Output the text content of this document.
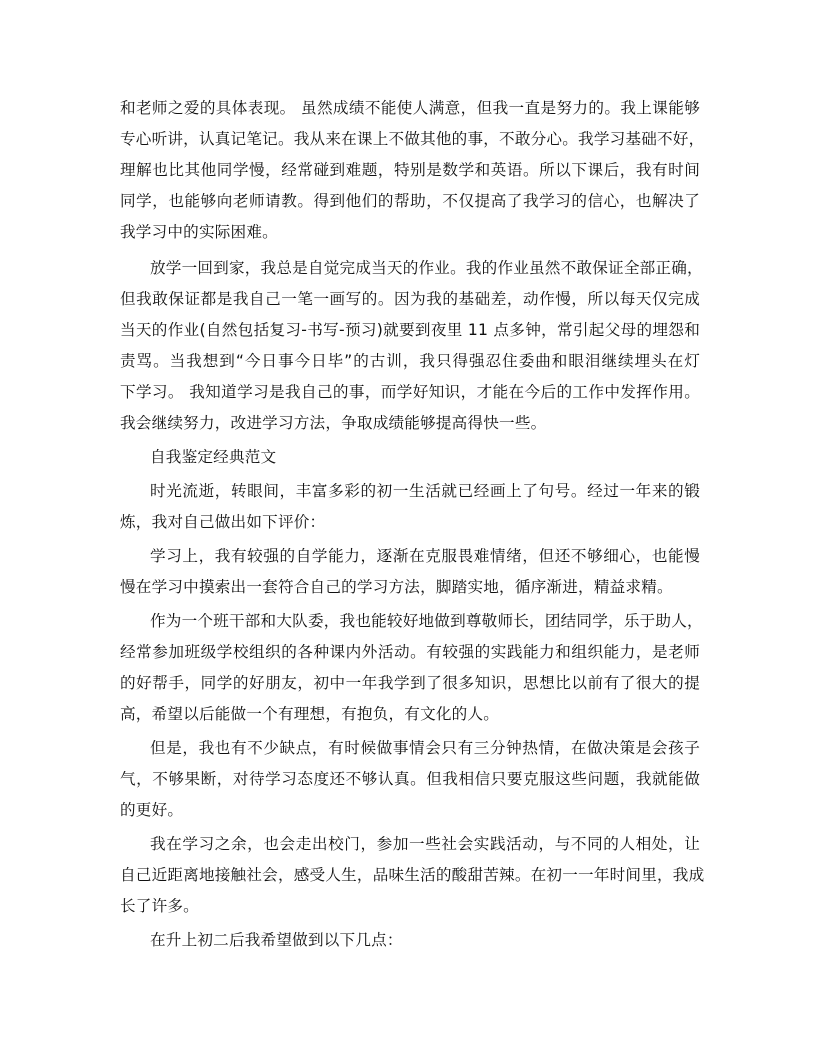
和老师之爱的具体表现。 虽然成绩不能使人满意，但我一直是努力的。我上课能够
专心听讲，认真记笔记。我从来在课上不做其他的事，不敢分心。我学习基础不好，
理解也比其他同学慢，经常碰到难题，特别是数学和英语。所以下课后，我有时间
同学，也能够向老师请教。得到他们的帮助，不仅提高了我学习的信心，也解决了
我学习中的实际困难。
放学一回到家，我总是自觉完成当天的作业。我的作业虽然不敢保证全部正确，
但我敢保证都是我自己一笔一画写的。因为我的基础差，动作慢，所以每天仅完成
当天的作业(自然包括复习-书写-预习)就要到夜里 11 点多钟，常引起父母的埋怨和
责骂。当我想到“今日事今日毕”的古训，我只得强忍住委曲和眼泪继续埋头在灯
下学习。 我知道学习是我自己的事，而学好知识，才能在今后的工作中发挥作用。
我会继续努力，改进学习方法，争取成绩能够提高得快一些。
自我鉴定经典范文
时光流逝，转眼间，丰富多彩的初一生活就已经画上了句号。经过一年来的锻
炼，我对自己做出如下评价：
学习上，我有较强的自学能力，逐渐在克服畏难情绪，但还不够细心，也能慢
慢在学习中摸索出一套符合自己的学习方法，脚踏实地，循序渐进，精益求精。
作为一个班干部和大队委，我也能较好地做到尊敬师长，团结同学，乐于助人，
经常参加班级学校组织的各种课内外活动。有较强的实践能力和组织能力，是老师
的好帮手，同学的好朋友，初中一年我学到了很多知识，思想比以前有了很大的提
高，希望以后能做一个有理想，有抱负，有文化的人。
但是，我也有不少缺点，有时候做事情会只有三分钟热情，在做决策是会孩子
气，不够果断，对待学习态度还不够认真。但我相信只要克服这些问题，我就能做
的更好。
我在学习之余，也会走出校门，参加一些社会实践活动，与不同的人相处，让
自己近距离地接触社会，感受人生，品味生活的酸甜苦辣。在初一一年时间里，我成
长了许多。
在升上初二后我希望做到以下几点：
